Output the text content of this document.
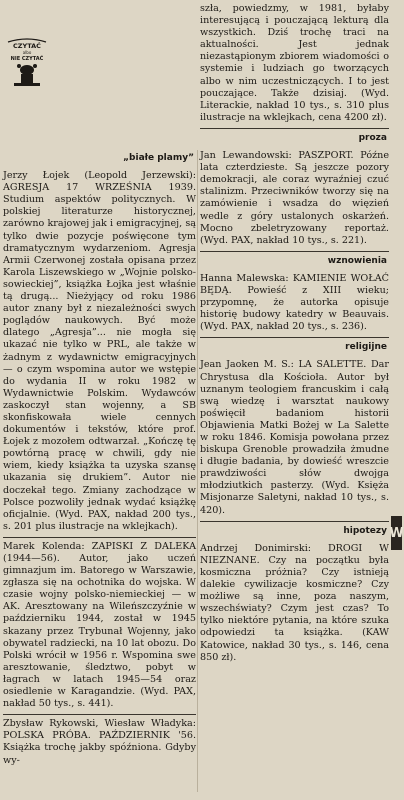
CZYTAĆ
albo
NIE CZYTAĆ
„białe plamy”

Jerzy Łojek (Leopold Jerzewski): AGRESJA 17 WRZEŚNIA 1939. Studium aspektów politycznych. W polskiej literaturze historycznej, zarówno krajowej jak i emigracyjnej, są tylko dwie pozycje poświęcone tym dramatycznym wydarzeniom. Agresja Armii Czerwonej została opisana przez Karola Liszewskiego w „Wojnie polsko-sowieckiej”, książka Łojka jest właśnie tą drugą... Nieżyjący od roku 1986 autor znany był z niezależności swych poglądów naukowych. Być może dlatego „Agresja”... nie mogła się ukazać nie tylko w PRL, ale także w żadnym z wydawnictw emigracyjnych — o czym wspomina autor we wstępie do wydania II w roku 1982 w Wydawnictwie Polskim. Wydawców zaskoczył stan wojenny, a SB skonfiskowała wiele cennych dokumentów i tekstów, które prof. Łojek z mozołem odtwarzał. „Kończę tę powtórną pracę w chwili, gdy nie wiem, kiedy książka ta uzyska szansę ukazania się drukiem”. Autor nie doczekał tego. Zmiany zachodzące w Polsce pozwoliły jednak wydać książkę oficjalnie. (Wyd. PAX, nakład 200 tys., s. 201 plus ilustracje na wklejkach).

Marek Kolenda: ZAPISKI Z DALEKA (1944—56). Autor, jako uczeń gimnazjum im. Batorego w Warszawie, zgłasza się na ochotnika do wojska. W czasie wojny polsko-niemieckiej — w AK. Aresztowany na Wileńszczyźnie w październiku 1944, został w 1945 skazany przez Trybunał Wojenny, jako obywatel radziecki, na 10 lat obozu. Do Polski wrócił w 1956 r. Wspomina swe aresztowanie, śledztwo, pobyt w łagrach w latach 1945—54 oraz osiedlenie w Karagandzie. (Wyd. PAX, nakład 50 tys., s. 441).

Zbysław Rykowski, Wiesław Władyka: POLSKA PRÓBA. PAŹDZIERNIK '56. Książka trochę jakby spóźniona. Gdyby wy-

szła, powiedzmy, w 1981, byłaby interesującą i pouczającą lekturą dla wszystkich. Dziś trochę traci na aktualności. Jest jednak niezastąpionym zbiorem wiadomości o systemie i ludziach go tworzących albo w nim uczestniczących. I to jest pouczające. Także dzisiaj. (Wyd. Literackie, nakład 10 tys., s. 310 plus ilustracje na wklejkach, cena 4200 zł).

proza

Jan Lewandowski: PASZPORT. Późne lata czterdzieste. Są jeszcze pozory demokracji, ale coraz wyraźniej czuć stalinizm. Przeciwników tworzy się na zamówienie i wsadza do więzień wedle z góry ustalonych oskarżeń. Mocno zbeletryzowany reportaż. (Wyd. PAX, nakład 10 tys., s. 221).

wznowienia

Hanna Malewska: KAMIENIE WOŁAĆ BĘDĄ. Powieść z XIII wieku; przypomnę, że autorka opisuje historię budowy katedry w Beauvais. (Wyd. PAX, nakład 20 tys., s. 236).

religijne

Jean Jaoken M. S.: LA SALETTE. Dar Chrystusa dla Kościoła. Autor był uznanym teologiem francuskim i całą swą wiedzę i warsztat naukowy poświęcił badaniom historii Objawienia Matki Bożej w La Salette w roku 1846. Komisja powołana przez biskupa Grenoble prowadziła żmudne i długie badania, by dowieść wreszcie prawdziwości słów dwojga młodziutkich pasterzy. (Wyd. Księża Misjonarze Saletyni, nakład 10 tys., s. 420).

hipotezy

Andrzej Donimirski: DROGI W NIEZNANE. Czy na początku była kosmiczna próżnia? Czy istnieją dalekie cywilizacje kosmiczne? Czy możliwe są inne, poza naszym, wszechświaty? Czym jest czas? To tylko niektóre pytania, na które szuka odpowiedzi ta książka. (KAW Katowice, nakład 30 tys., s. 146, cena 850 zł).

W
